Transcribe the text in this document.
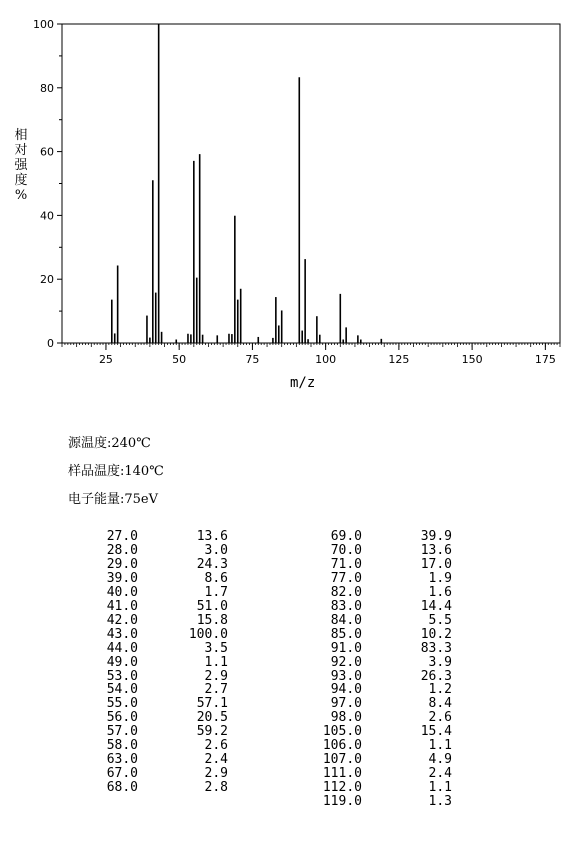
0
20
40
60
80
100
25	50	75	100	125	150	175
相
对
强
度
%
m/z
源温度:240℃
样品温度:140℃
电子能量:75eV
27.0	13.6
28.0	3.0
29.0	24.3
39.0	8.6
40.0	1.7
41.0	51.0
42.0	15.8
43.0	100.0
44.0	3.5
49.0	1.1
53.0	2.9
54.0	2.7
55.0	57.1
56.0	20.5
57.0	59.2
58.0	2.6
63.0	2.4
67.0	2.9
68.0	2.8
69.0	39.9
70.0	13.6
71.0	17.0
77.0	1.9
82.0	1.6
83.0	14.4
84.0	5.5
85.0	10.2
91.0	83.3
92.0	3.9
93.0	26.3
94.0	1.2
97.0	8.4
98.0	2.6
105.0	15.4
106.0	1.1
107.0	4.9
111.0	2.4
112.0	1.1
119.0	1.3
